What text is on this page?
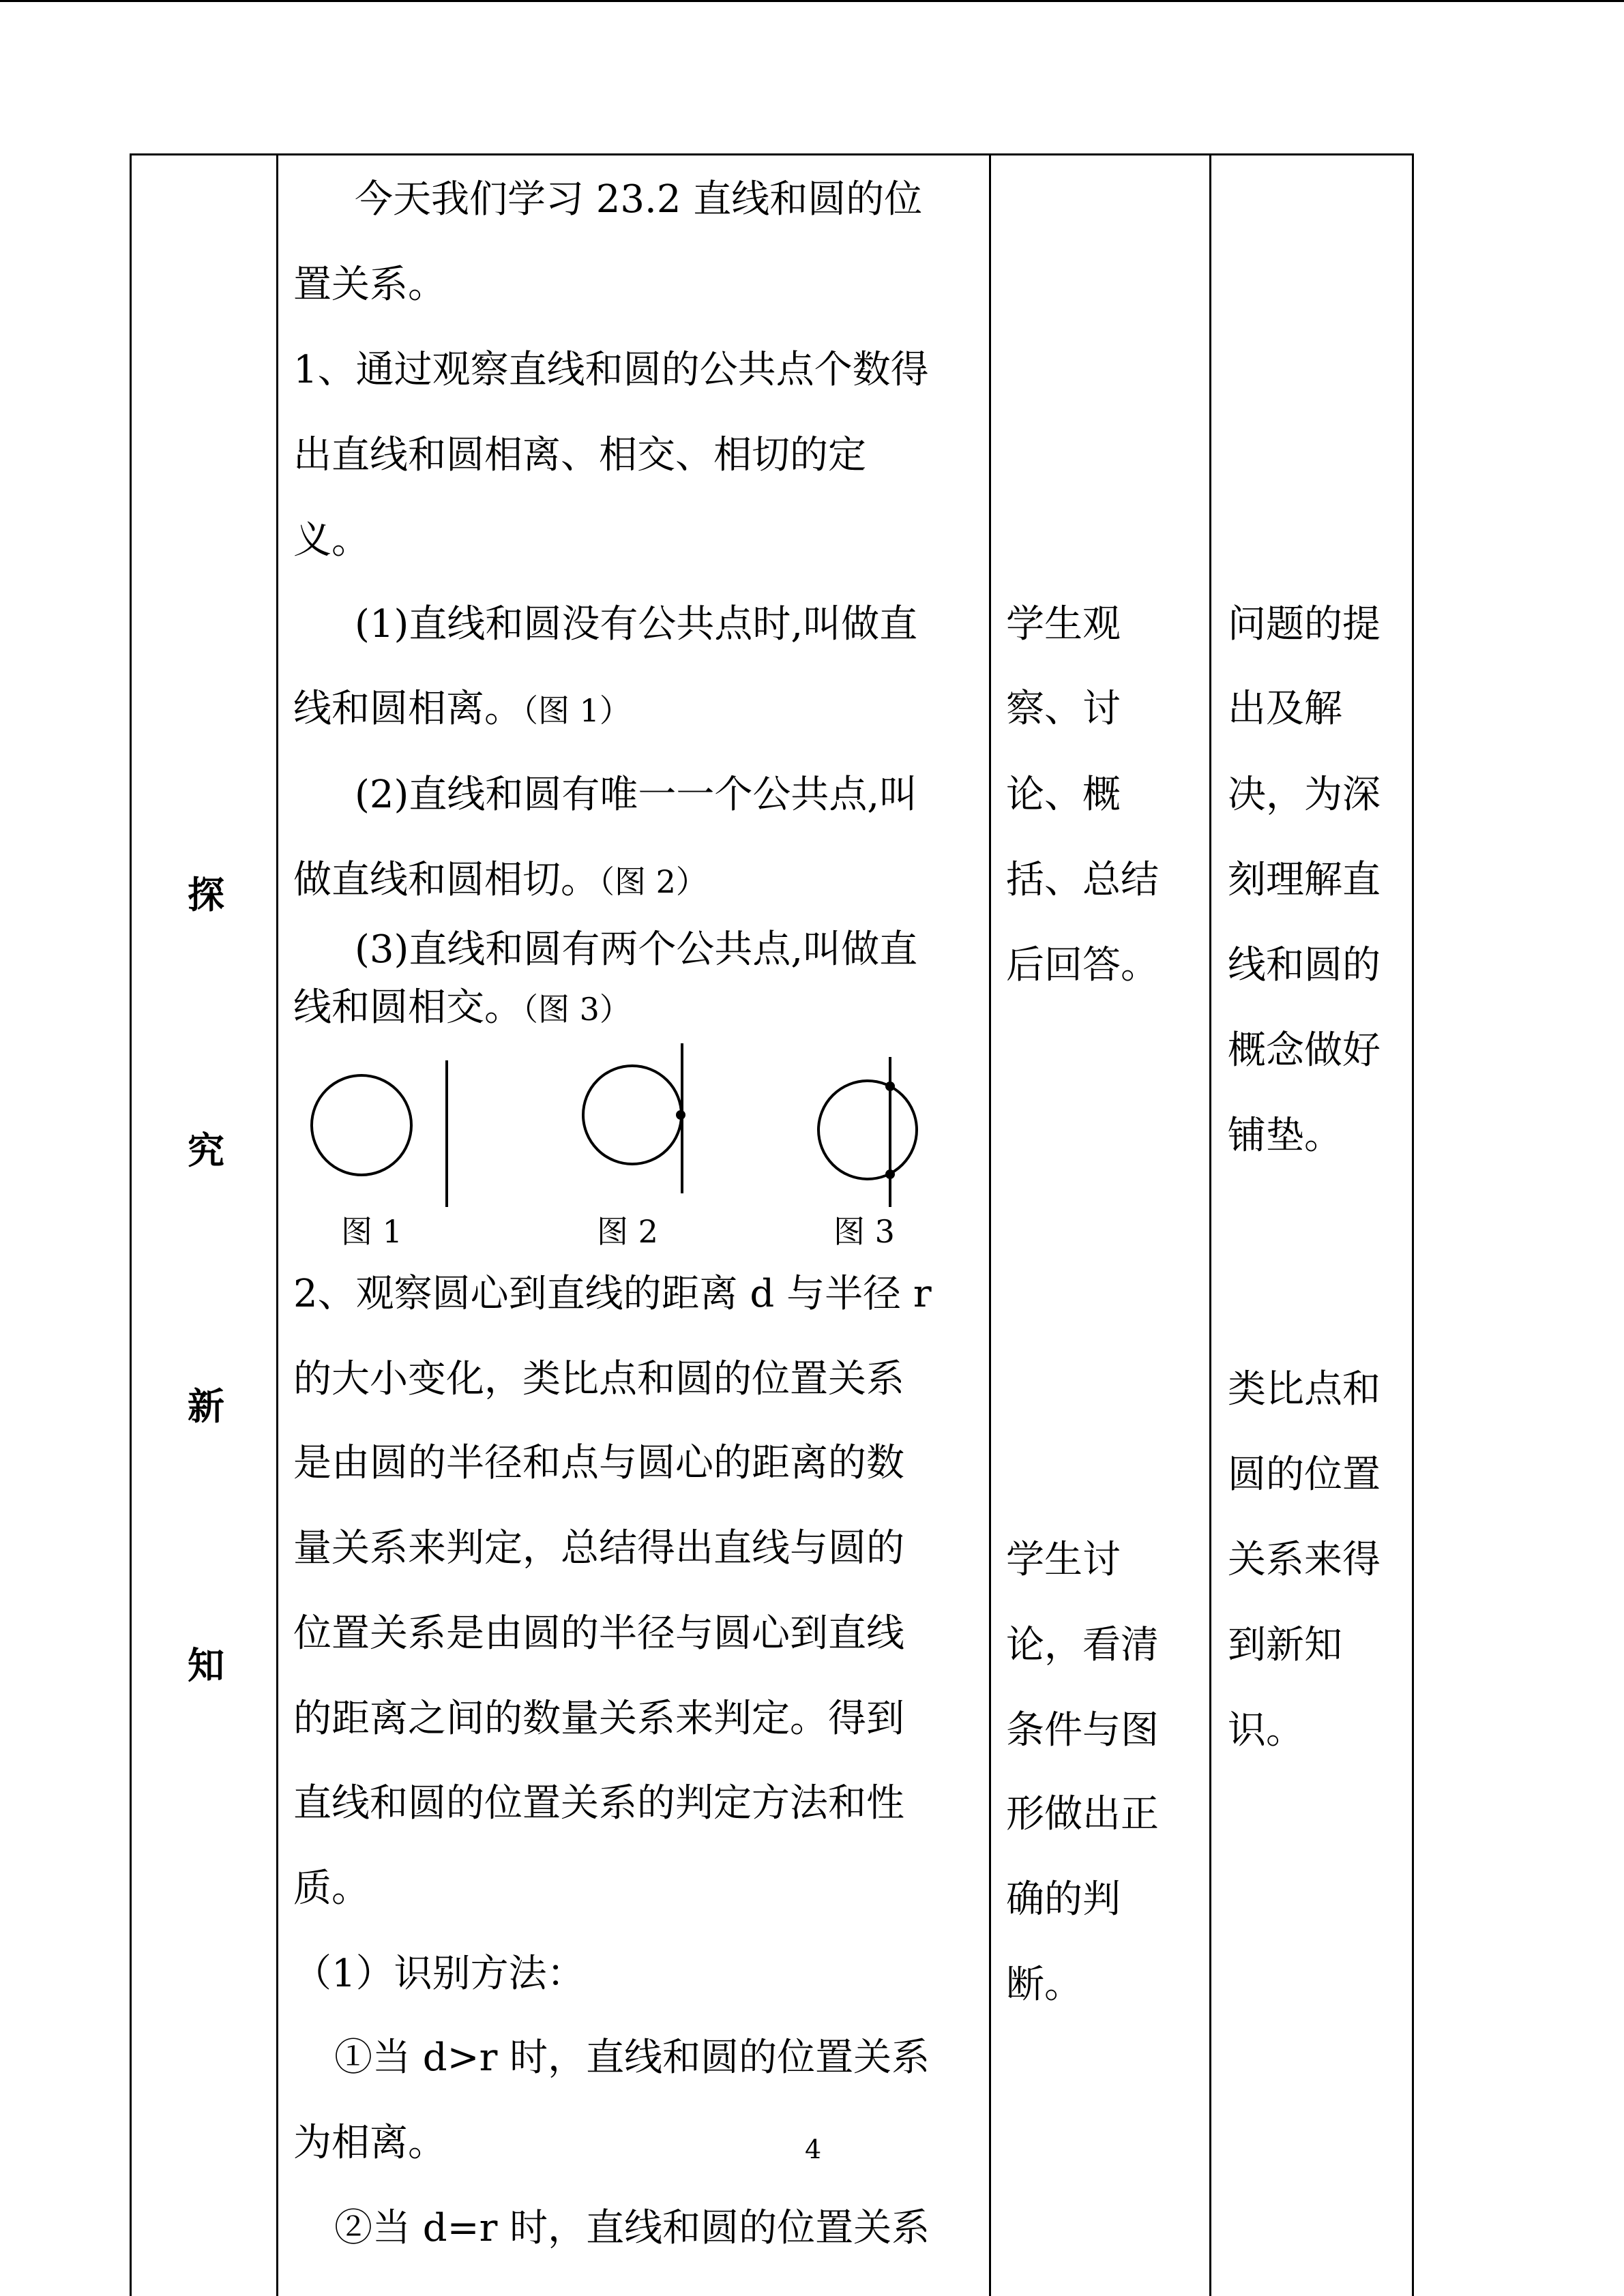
探
究
新
知
今天我们学习 23.2 直线和圆的位
置关系。
1、通过观察直线和圆的公共点个数得
出直线和圆相离、相交、相切的定
义。
(1)直线和圆没有公共点时,叫做直
线和圆相离。（图 1）
(2)直线和圆有唯一一个公共点,叫
做直线和圆相切。（图 2）
(3)直线和圆有两个公共点,叫做直
线和圆相交。（图 3）
图 1	图 2	图 3
2、观察圆心到直线的距离 d 与半径 r
的大小变化，类比点和圆的位置关系
是由圆的半径和点与圆心的距离的数
量关系来判定，总结得出直线与圆的
位置关系是由圆的半径与圆心到直线
的距离之间的数量关系来判定。得到
直线和圆的位置关系的判定方法和性
质。
（1）识别方法：
①当 d>r 时，直线和圆的位置关系
为相离。
②当 d=r 时，直线和圆的位置关系
学生观
察、讨
论、概
括、总结
后回答。
学生讨
论，看清
条件与图
形做出正
确的判
断。
问题的提
出及解
决，为深
刻理解直
线和圆的
概念做好
铺垫。
类比点和
圆的位置
关系来得
到新知
识。
4
